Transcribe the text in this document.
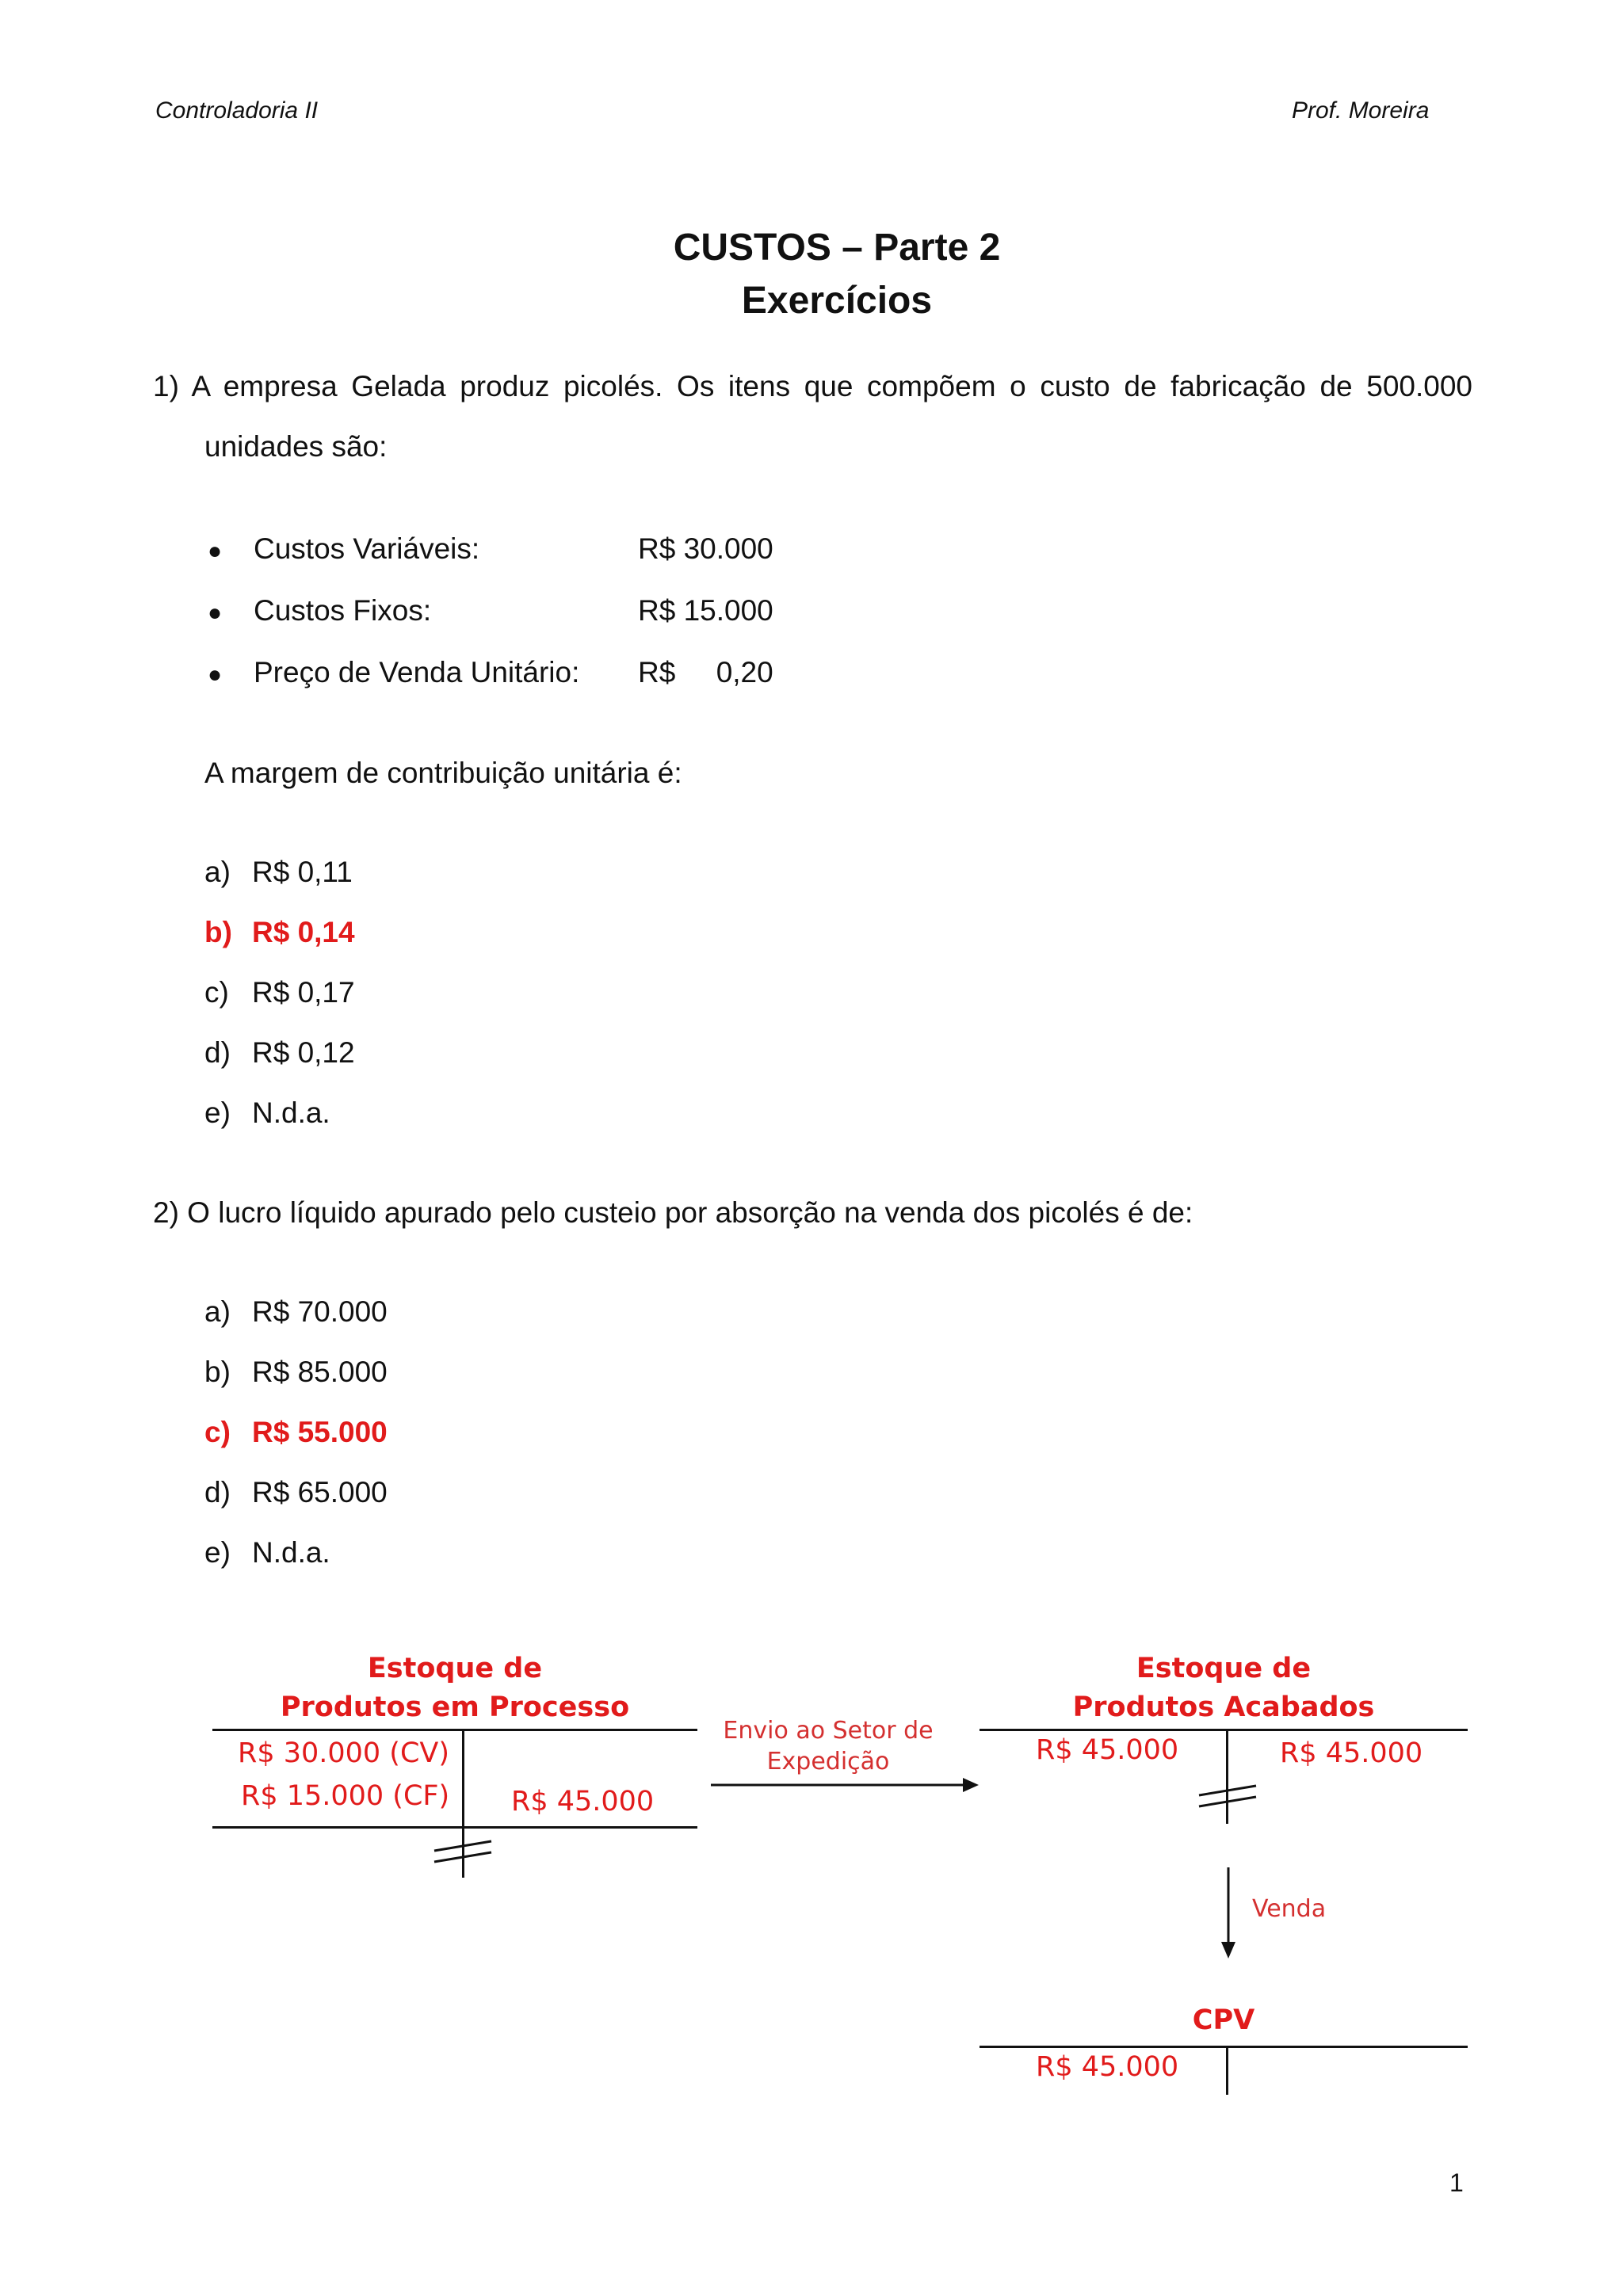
Controladoria II	Prof. Moreira
CUSTOS – Parte 2
Exercícios
1) A empresa Gelada produz picolés. Os itens que compõem o custo de fabricação de 500.000
unidades são:
● Custos Variáveis:	R$ 30.000
● Custos Fixos:	R$ 15.000
● Preço de Venda Unitário: R$     0,20
A margem de contribuição unitária é:
a) R$ 0,11
b) R$ 0,14
c) R$ 0,17
d) R$ 0,12
e) N.d.a.
2) O lucro líquido apurado pelo custeio por absorção na venda dos picolés é de:
a) R$ 70.000
b) R$ 85.000
c) R$ 55.000
d) R$ 65.000
e) N.d.a.
Estoque de
Produtos em Processo
R$ 30.000 (CV)
R$ 15.000 (CF) R$ 45.000
Envio ao Setor de
Expedição
Estoque de
Produtos Acabados
R$ 45.000	R$ 45.000
Venda
CPV
R$ 45.000
1
